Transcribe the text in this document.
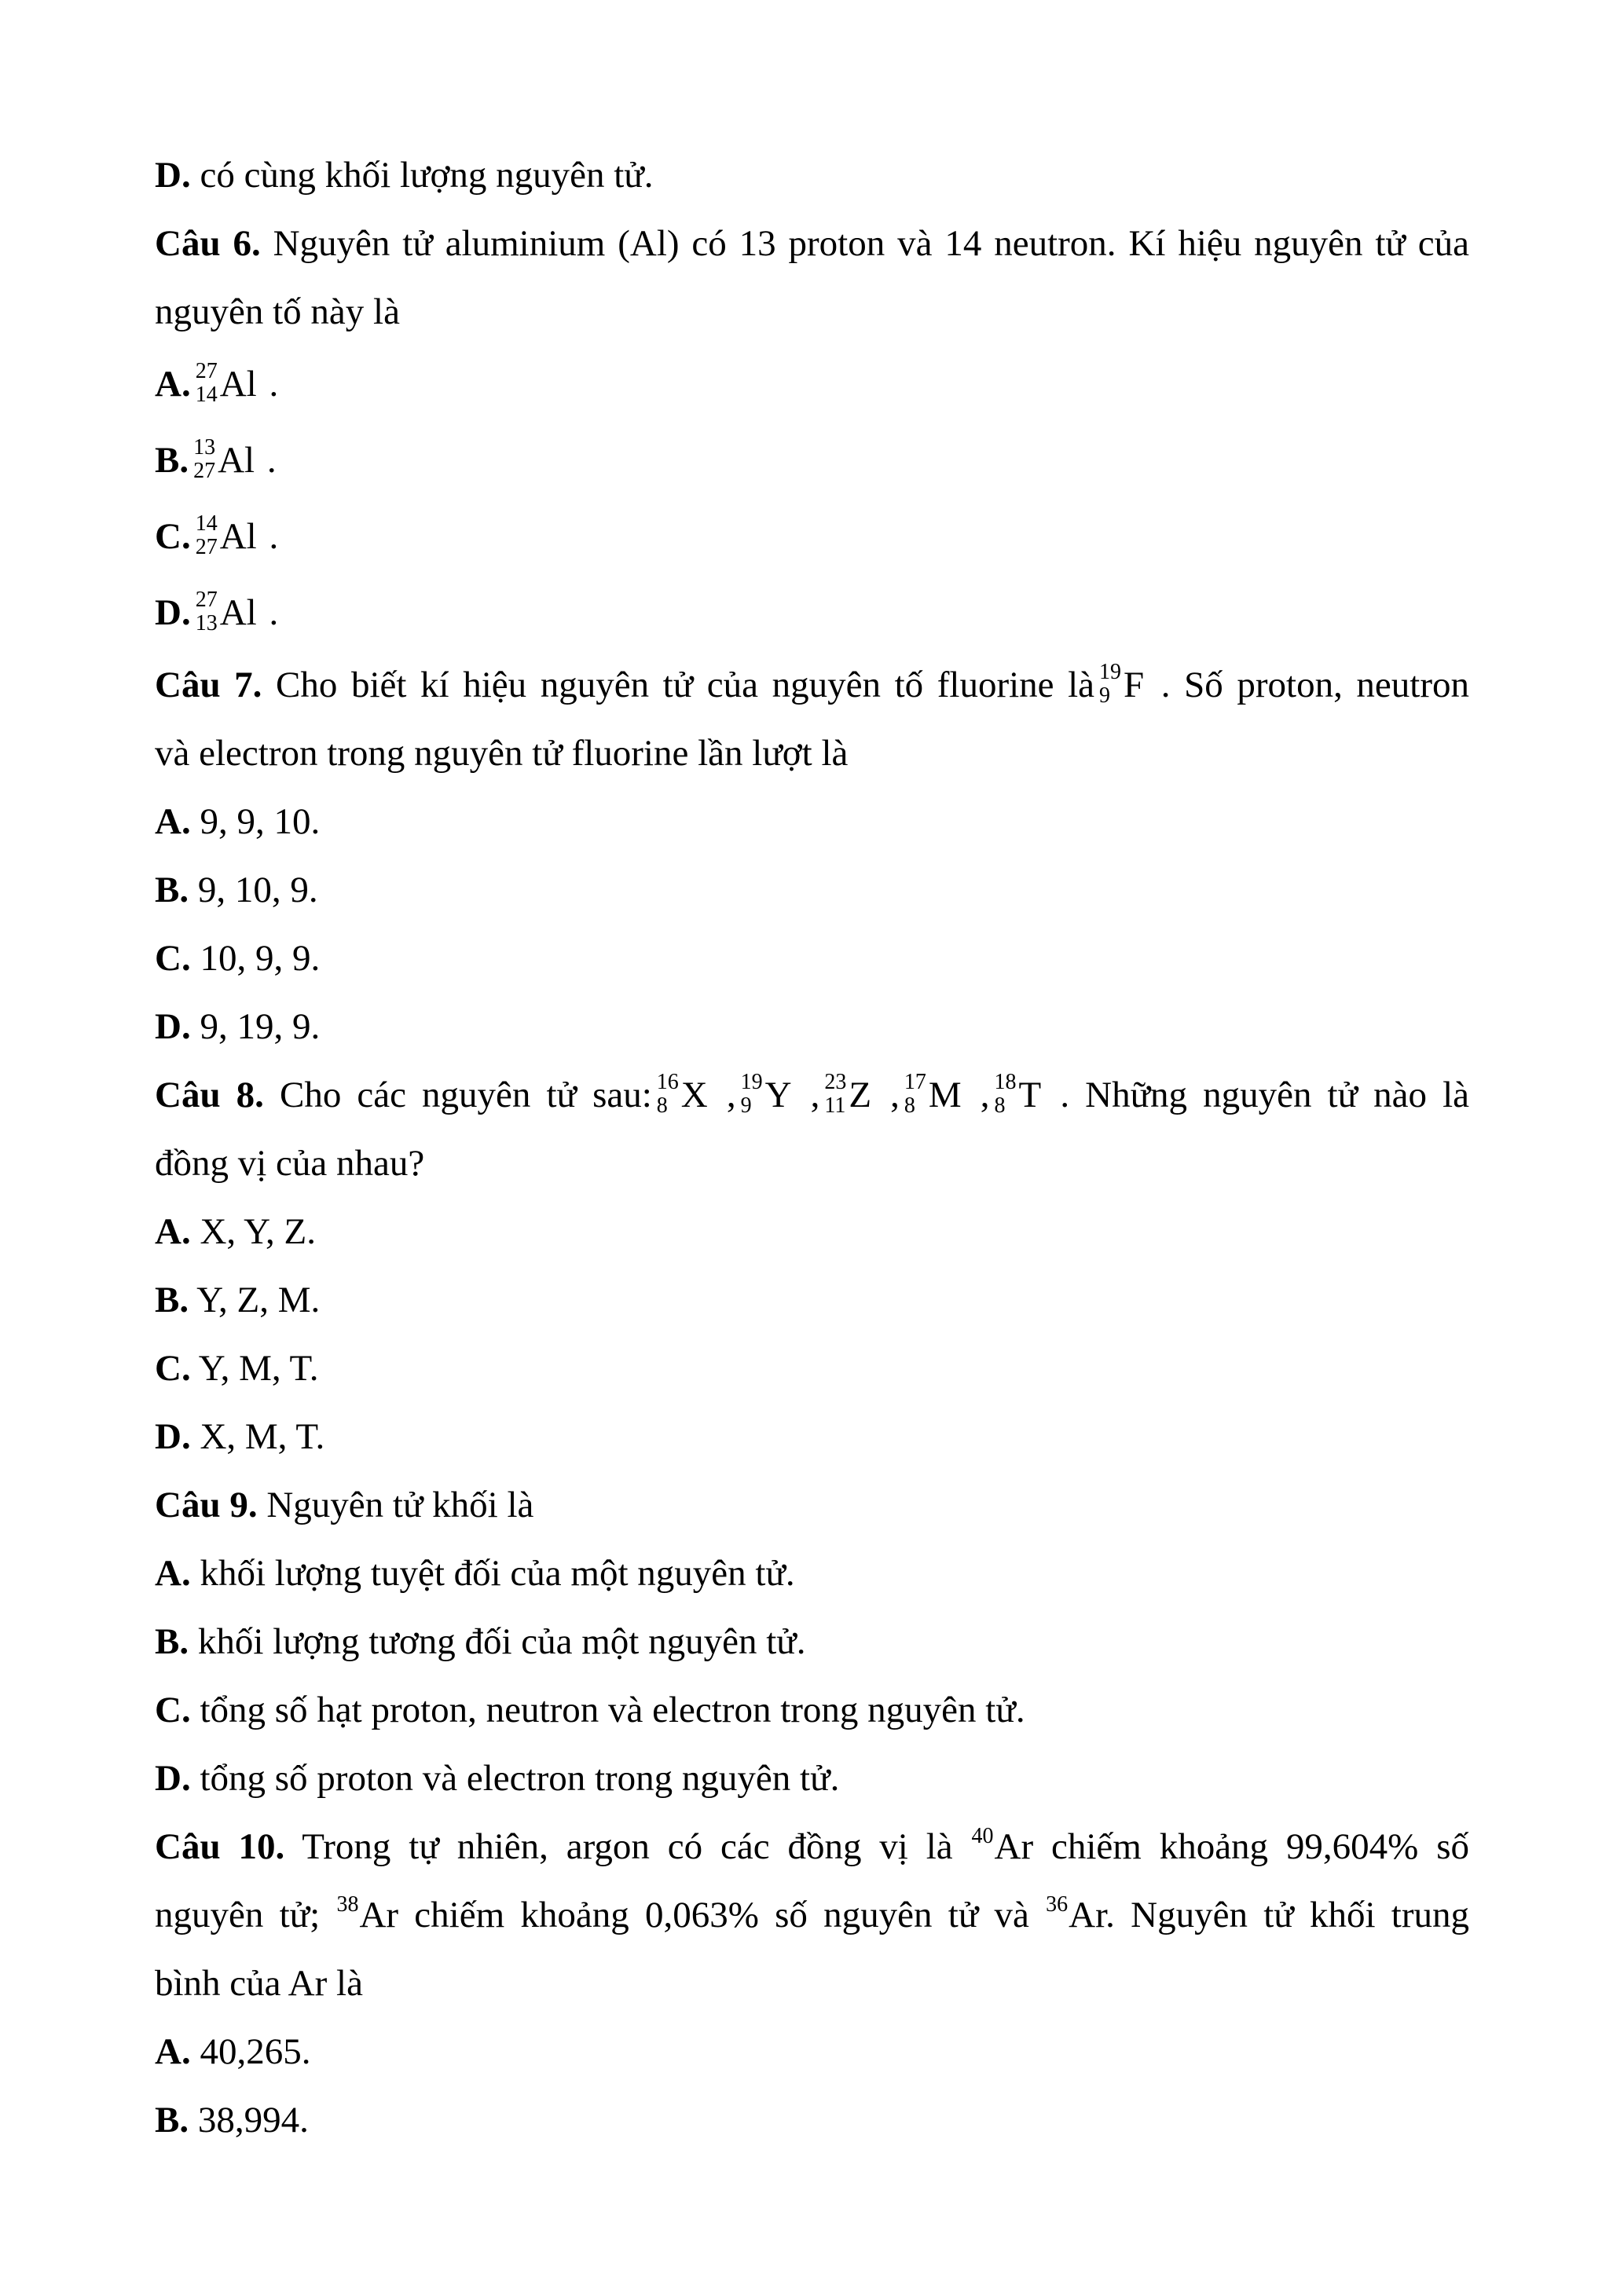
D. có cùng khối lượng nguyên tử.
Câu 6. Nguyên tử aluminium (Al) có 13 proton và 14 neutron. Kí hiệu nguyên tử của
nguyên tố này là
A. 27
14 Al .
B. 13
27 Al .
C. 14
27 Al .
D. 27
13 Al .
Câu 7. Cho biết kí hiệu nguyên tử của nguyên tố fluorine là 19
9 F . Số proton, neutron
và electron trong nguyên tử fluorine lần lượt là
A. 9, 9, 10.
B. 9, 10, 9.
C. 10, 9, 9.
D. 9, 19, 9.
Câu 8. Cho các nguyên tử sau: 16
8 X , 19
9 Y , 23
11 Z , 17
8 M , 18
8 T . Những nguyên tử nào là
đồng vị của nhau?
A. X, Y, Z.
B. Y, Z, M.
C. Y, M, T.
D. X, M, T.
Câu 9. Nguyên tử khối là
A. khối lượng tuyệt đối của một nguyên tử.
B. khối lượng tương đối của một nguyên tử.
C. tổng số hạt proton, neutron và electron trong nguyên tử.
D. tổng số proton và electron trong nguyên tử.
Câu 10. Trong tự nhiên, argon có các đồng vị là $^{40}$Ar chiếm khoảng 99,604% số
nguyên tử; $^{38}$Ar chiếm khoảng 0,063% số nguyên tử và $^{36}$Ar. Nguyên tử khối trung
bình của Ar là
A. 40,265.
B. 38,994.
